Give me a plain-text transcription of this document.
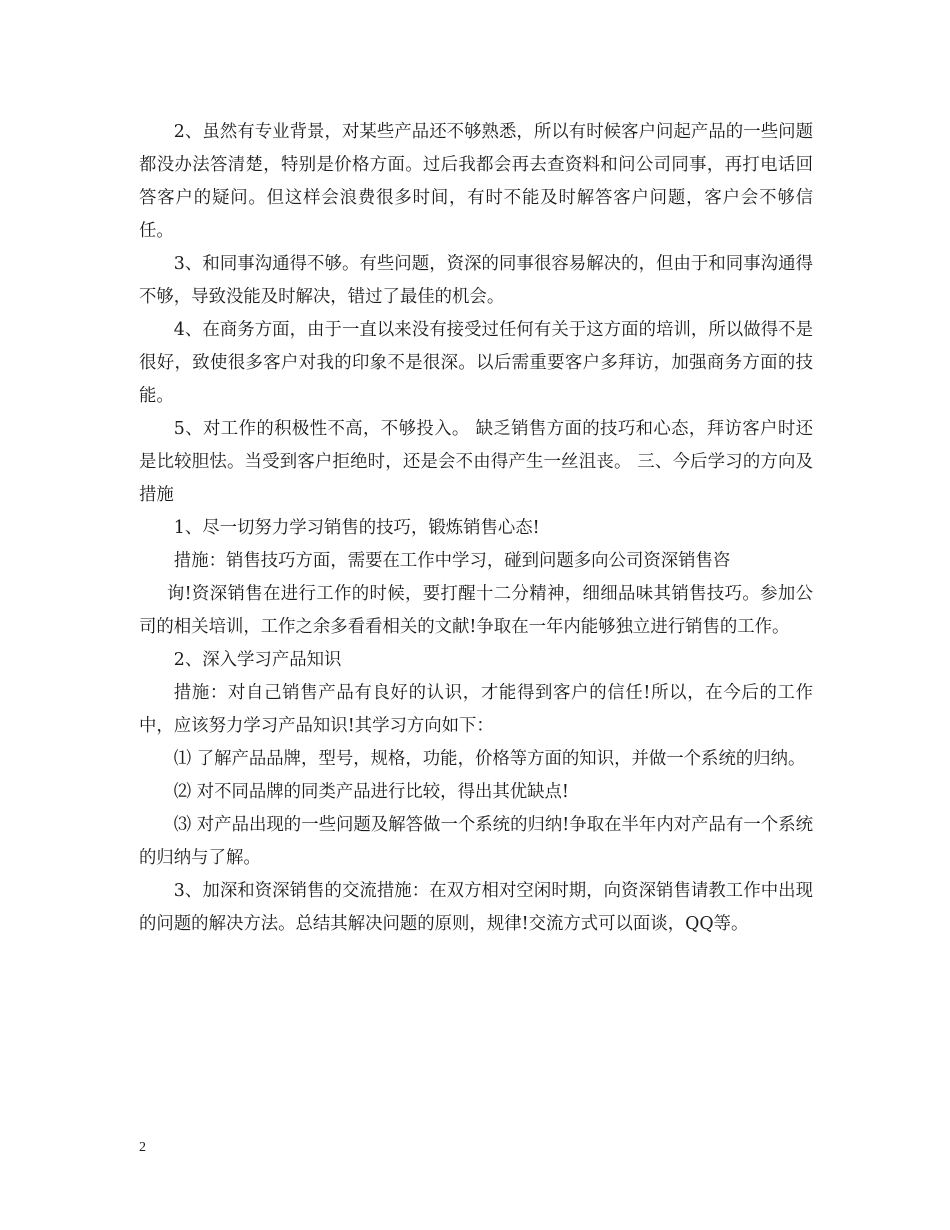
2、虽然有专业背景，对某些产品还不够熟悉，所以有时候客户问起产品的一些问题都没办法答清楚，特别是价格方面。过后我都会再去查资料和问公司同事，再打电话回答客户的疑问。但这样会浪费很多时间，有时不能及时解答客户问题，客户会不够信任。

3、和同事沟通得不够。有些问题，资深的同事很容易解决的，但由于和同事沟通得不够，导致没能及时解决，错过了最佳的机会。

4、在商务方面，由于一直以来没有接受过任何有关于这方面的培训，所以做得不是很好，致使很多客户对我的印象不是很深。以后需重要客户多拜访，加强商务方面的技能。

5、对工作的积极性不高，不够投入。 缺乏销售方面的技巧和心态，拜访客户时还是比较胆怯。当受到客户拒绝时，还是会不由得产生一丝沮丧。 三、今后学习的方向及措施

1、尽一切努力学习销售的技巧，锻炼销售心态!

措施：销售技巧方面，需要在工作中学习，碰到问题多向公司资深销售咨

询!资深销售在进行工作的时候，要打醒十二分精神，细细品味其销售技巧。参加公司的相关培训，工作之余多看看相关的文献!争取在一年内能够独立进行销售的工作。

2、深入学习产品知识

措施：对自己销售产品有良好的认识，才能得到客户的信任!所以，在今后的工作中，应该努力学习产品知识!其学习方向如下：

⑴ 了解产品品牌，型号，规格，功能，价格等方面的知识，并做一个系统的归纳。

⑵ 对不同品牌的同类产品进行比较，得出其优缺点!

⑶ 对产品出现的一些问题及解答做一个系统的归纳!争取在半年内对产品有一个系统的归纳与了解。

3、加深和资深销售的交流措施：在双方相对空闲时期，向资深销售请教工作中出现的问题的解决方法。总结其解决问题的原则，规律!交流方式可以面谈，QQ等。

2
